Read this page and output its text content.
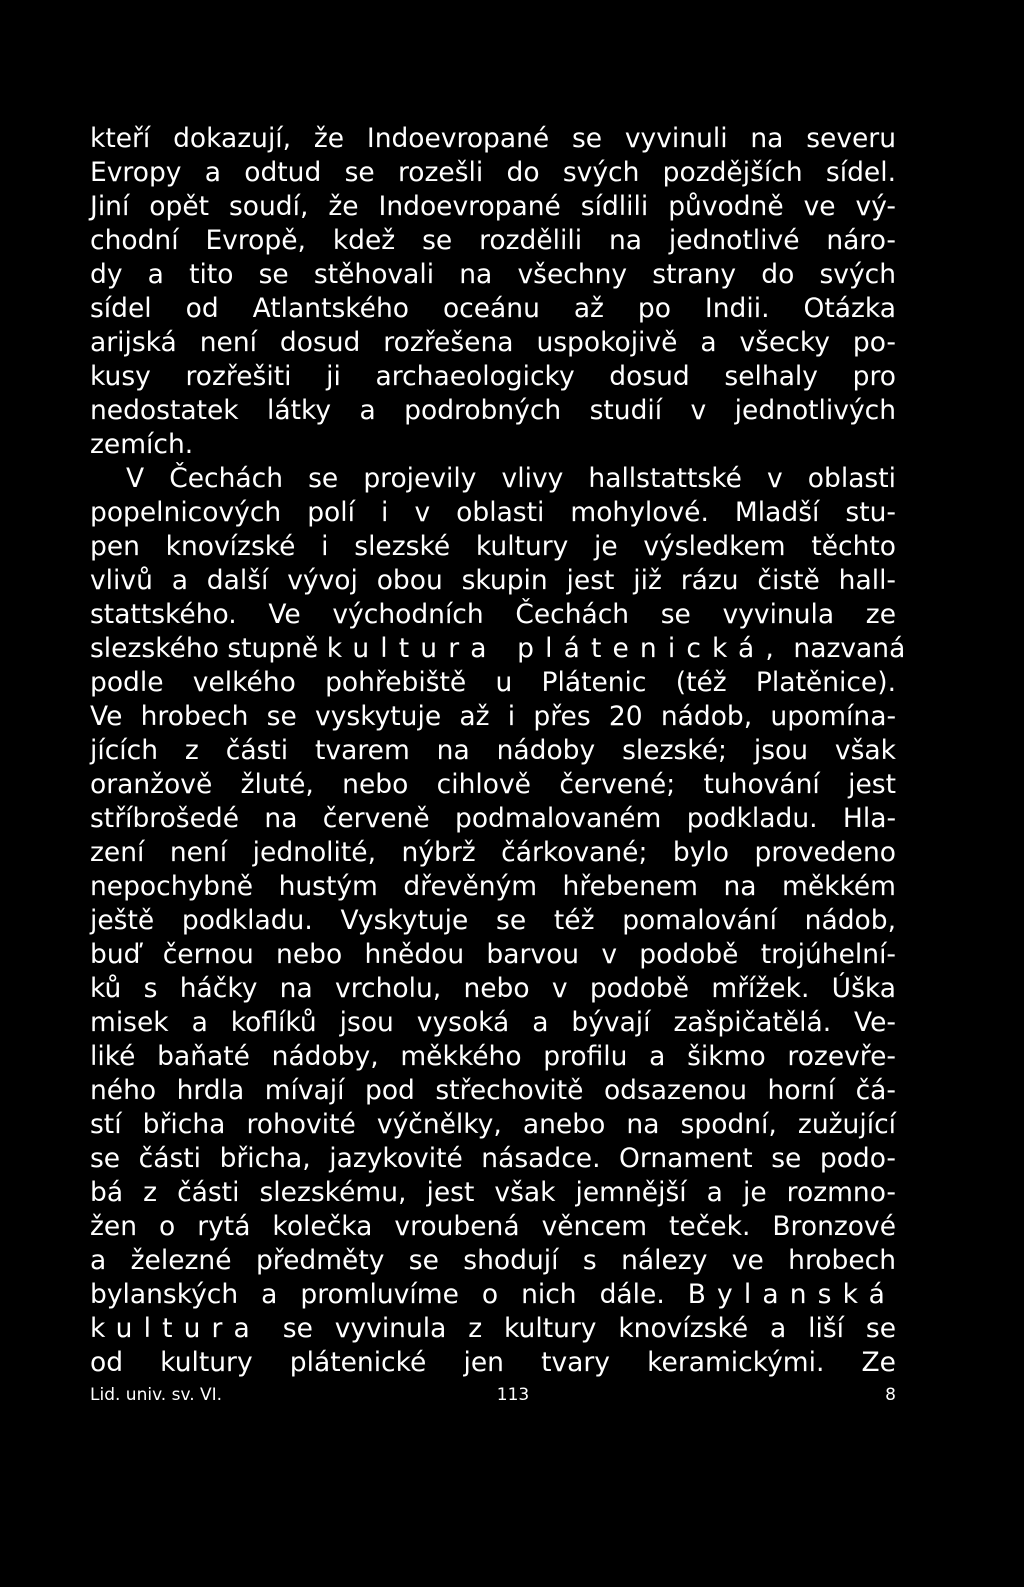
kteří dokazují, že Indoevropané se vyvinuli na severu
Evropy a odtud se rozešli do svých pozdějších sídel.
Jiní opět soudí, že Indoevropané sídlili původně ve vý-
chodní Evropě, kdež se rozdělili na jednotlivé náro-
dy a tito se stěhovali na všechny strany do svých
sídel od Atlantského oceánu až po Indii. Otázka
arijská není dosud rozřešena uspokojivě a všecky po-
kusy rozřešiti ji archaeologicky dosud selhaly pro
nedostatek látky a podrobných studií v jednotlivých
zemích.
V Čechách se projevily vlivy hallstattské v oblasti
popelnicových polí i v oblasti mohylové. Mladší stu-
pen knovízské i slezské kultury je výsledkem těchto
vlivů a další vývoj obou skupin jest již rázu čistě hall-
stattského. Ve východních Čechách se vyvinula ze
slezského stupně kultura plátenická, nazvaná
podle velkého pohřebiště u Plátenic (též Platěnice).
Ve hrobech se vyskytuje až i přes 20 nádob, upomína-
jících z části tvarem na nádoby slezské; jsou však
oranžově žluté, nebo cihlově červené; tuhování jest
stříbrošedé na červeně podmalovaném podkladu. Hla-
zení není jednolité, nýbrž čárkované; bylo provedeno
nepochybně hustým dřevěným hřebenem na měkkém
ještě podkladu. Vyskytuje se též pomalování nádob,
buď černou nebo hnědou barvou v podobě trojúhelní-
ků s háčky na vrcholu, nebo v podobě mřížek. Úška
misek a koflíků jsou vysoká a bývají zašpičatělá. Ve-
liké baňaté nádoby, měkkého profilu a šikmo rozevře-
ného hrdla mívají pod střechovitě odsazenou horní čá-
stí břicha rohovité výčnělky, anebo na spodní, zužující
se části břicha, jazykovité násadce. Ornament se podo-
bá z části slezskému, jest však jemnější a je rozmno-
žen o rytá kolečka vroubená věncem teček. Bronzové
a železné předměty se shodují s nálezy ve hrobech
bylanských a promluvíme o nich dále. Bylanská
kultura se vyvinula z kultury knovízské a liší se
od kultury plátenické jen tvary keramickými. Ze
Lid. univ. sv. VI.	113	8
